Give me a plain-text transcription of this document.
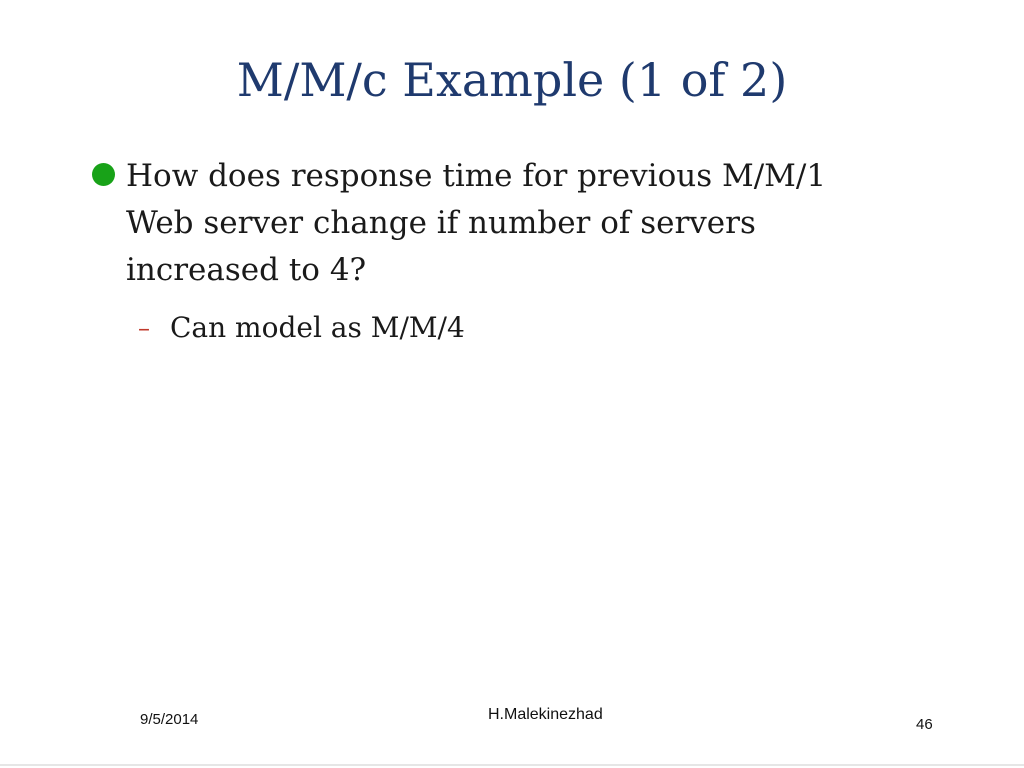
M/M/c Example (1 of 2)
How does response time for previous M/M/1 Web server change if number of servers increased to 4?
– Can model as M/M/4
9/5/2014	H.Malekinezhad
46
